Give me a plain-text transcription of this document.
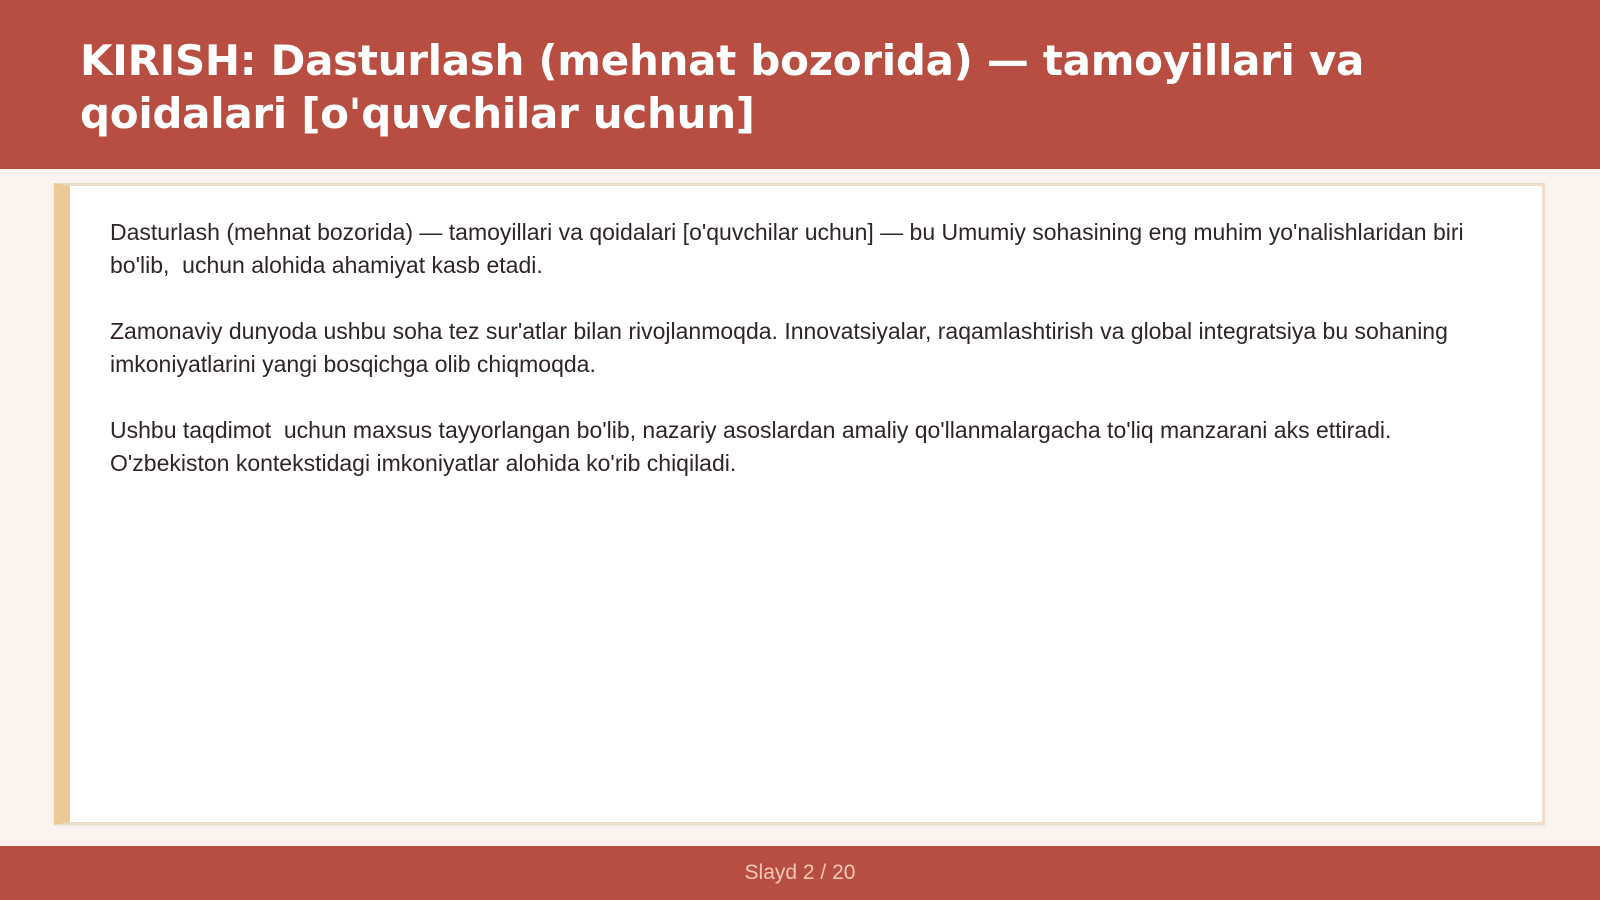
KIRISH: Dasturlash (mehnat bozorida) — tamoyillari va qoidalari [o'quvchilar uchun]

Dasturlash (mehnat bozorida) — tamoyillari va qoidalari [o'quvchilar uchun] — bu Umumiy sohasining eng muhim yo'nalishlaridan biri bo'lib,  uchun alohida ahamiyat kasb etadi.

Zamonaviy dunyoda ushbu soha tez sur'atlar bilan rivojlanmoqda. Innovatsiyalar, raqamlashtirish va global integratsiya bu sohaning imkoniyatlarini yangi bosqichga olib chiqmoqda.

Ushbu taqdimot  uchun maxsus tayyorlangan bo'lib, nazariy asoslardan amaliy qo'llanmalargacha to'liq manzarani aks ettiradi. O'zbekiston kontekstidagi imkoniyatlar alohida ko'rib chiqiladi.

Slayd 2 / 20
